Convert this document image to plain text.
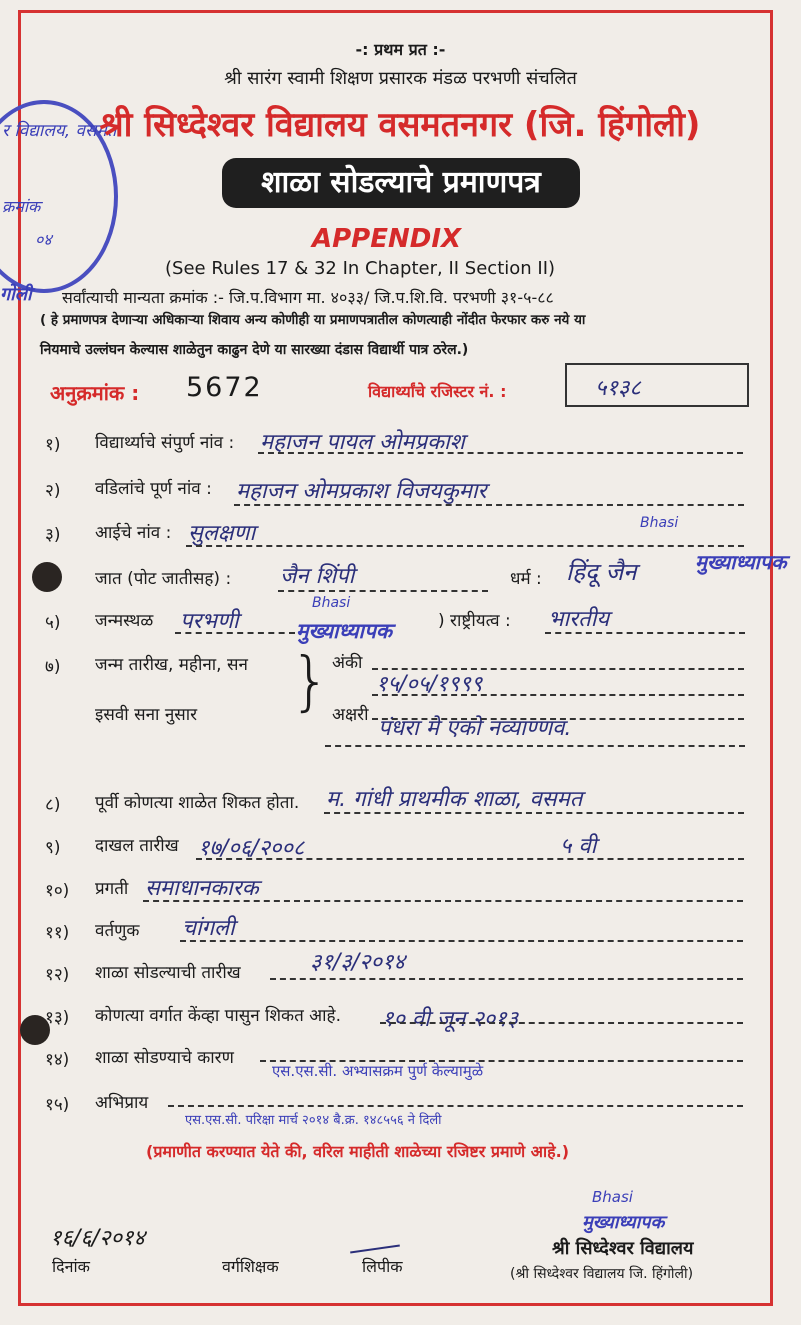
र विद्यालय, वसमत
क्रमांक
०४
गोली
-: प्रथम प्रत :-
श्री सारंग स्वामी शिक्षण प्रसारक मंडळ परभणी संचलित
श्री सिध्देश्वर विद्यालय वसमतनगर (जि. हिंगोली)
शाळा सोडल्याचे प्रमाणपत्र
APPENDIX
(See Rules 17 & 32 In Chapter, II Section II)
सर्वांत्याची मान्यता क्रमांक :- जि.प.विभाग मा. ४०३३/ जि.प.शि.वि. परभणी ३१-५-८८
( हे प्रमाणपत्र देणाऱ्या अधिकाऱ्या शिवाय अन्य कोणीही या प्रमाणपत्रातील कोणत्याही नोंदीत फेरफार करु नये या
नियमाचे उल्लंघन केल्यास शाळेतुन काढुन देणे या सारख्या दंडास विद्यार्थी पात्र ठरेल.)
अनुक्रमांक : 5672	विद्यार्थ्यांचे रजिस्टर नं. :	५१३८
१) विद्यार्थ्याचे संपुर्ण नांव : महाजन पायल ओमप्रकाश
२) वडिलांचे पूर्ण नांव : महाजन ओमप्रकाश विजयकुमार
३) आईचे नांव : सुलक्षणा
जात (पोट जातीसह) : जैन शिंपी	धर्म : हिंदू जैन
Bhasi
मुख्याध्यापक
५) जन्मस्थळ परभणी
Bhasi
मुख्याध्यापक	) राष्ट्रीयत्व : भारतीय
७) जन्म तारीख, महीना, सन
इसवी सना नुसार } अंकी
१५/०५/१९९९
अक्षरी
पंधरा मे एको नव्याण्णव.
८) पूर्वी कोणत्या शाळेत शिकत होता. म. गांधी प्राथमीक शाळा, वसमत
९) दाखल तारीख १७/०६/२००८	५ वी
१०) प्रगती समाधानकारक
११) वर्तणुक चांगली
१२) शाळा सोडल्याची तारीख	३१/३/२०१४
१३) कोणत्या वर्गात केंव्हा पासुन शिकत आहे. १० वी जून २०१३
१४) शाळा सोडण्याचे कारण
एस.एस.सी. अभ्यासक्रम पुर्ण केल्यामुळे
१५) अभिप्राय
एस.एस.सी. परिक्षा मार्च २०१४ बै.क्र. १४८५५६ ने दिली
(प्रमाणीत करण्यात येते की, वरिल माहीती शाळेच्या रजिष्टर प्रमाणे आहे.)
१६/६/२०१४
दिनांक	वर्गशिक्षक	लिपीक
Bhasi
मुख्याध्यापक
श्री सिध्देश्वर विद्यालय
(श्री सिध्देश्वर विद्यालय जि. हिंगोली)
